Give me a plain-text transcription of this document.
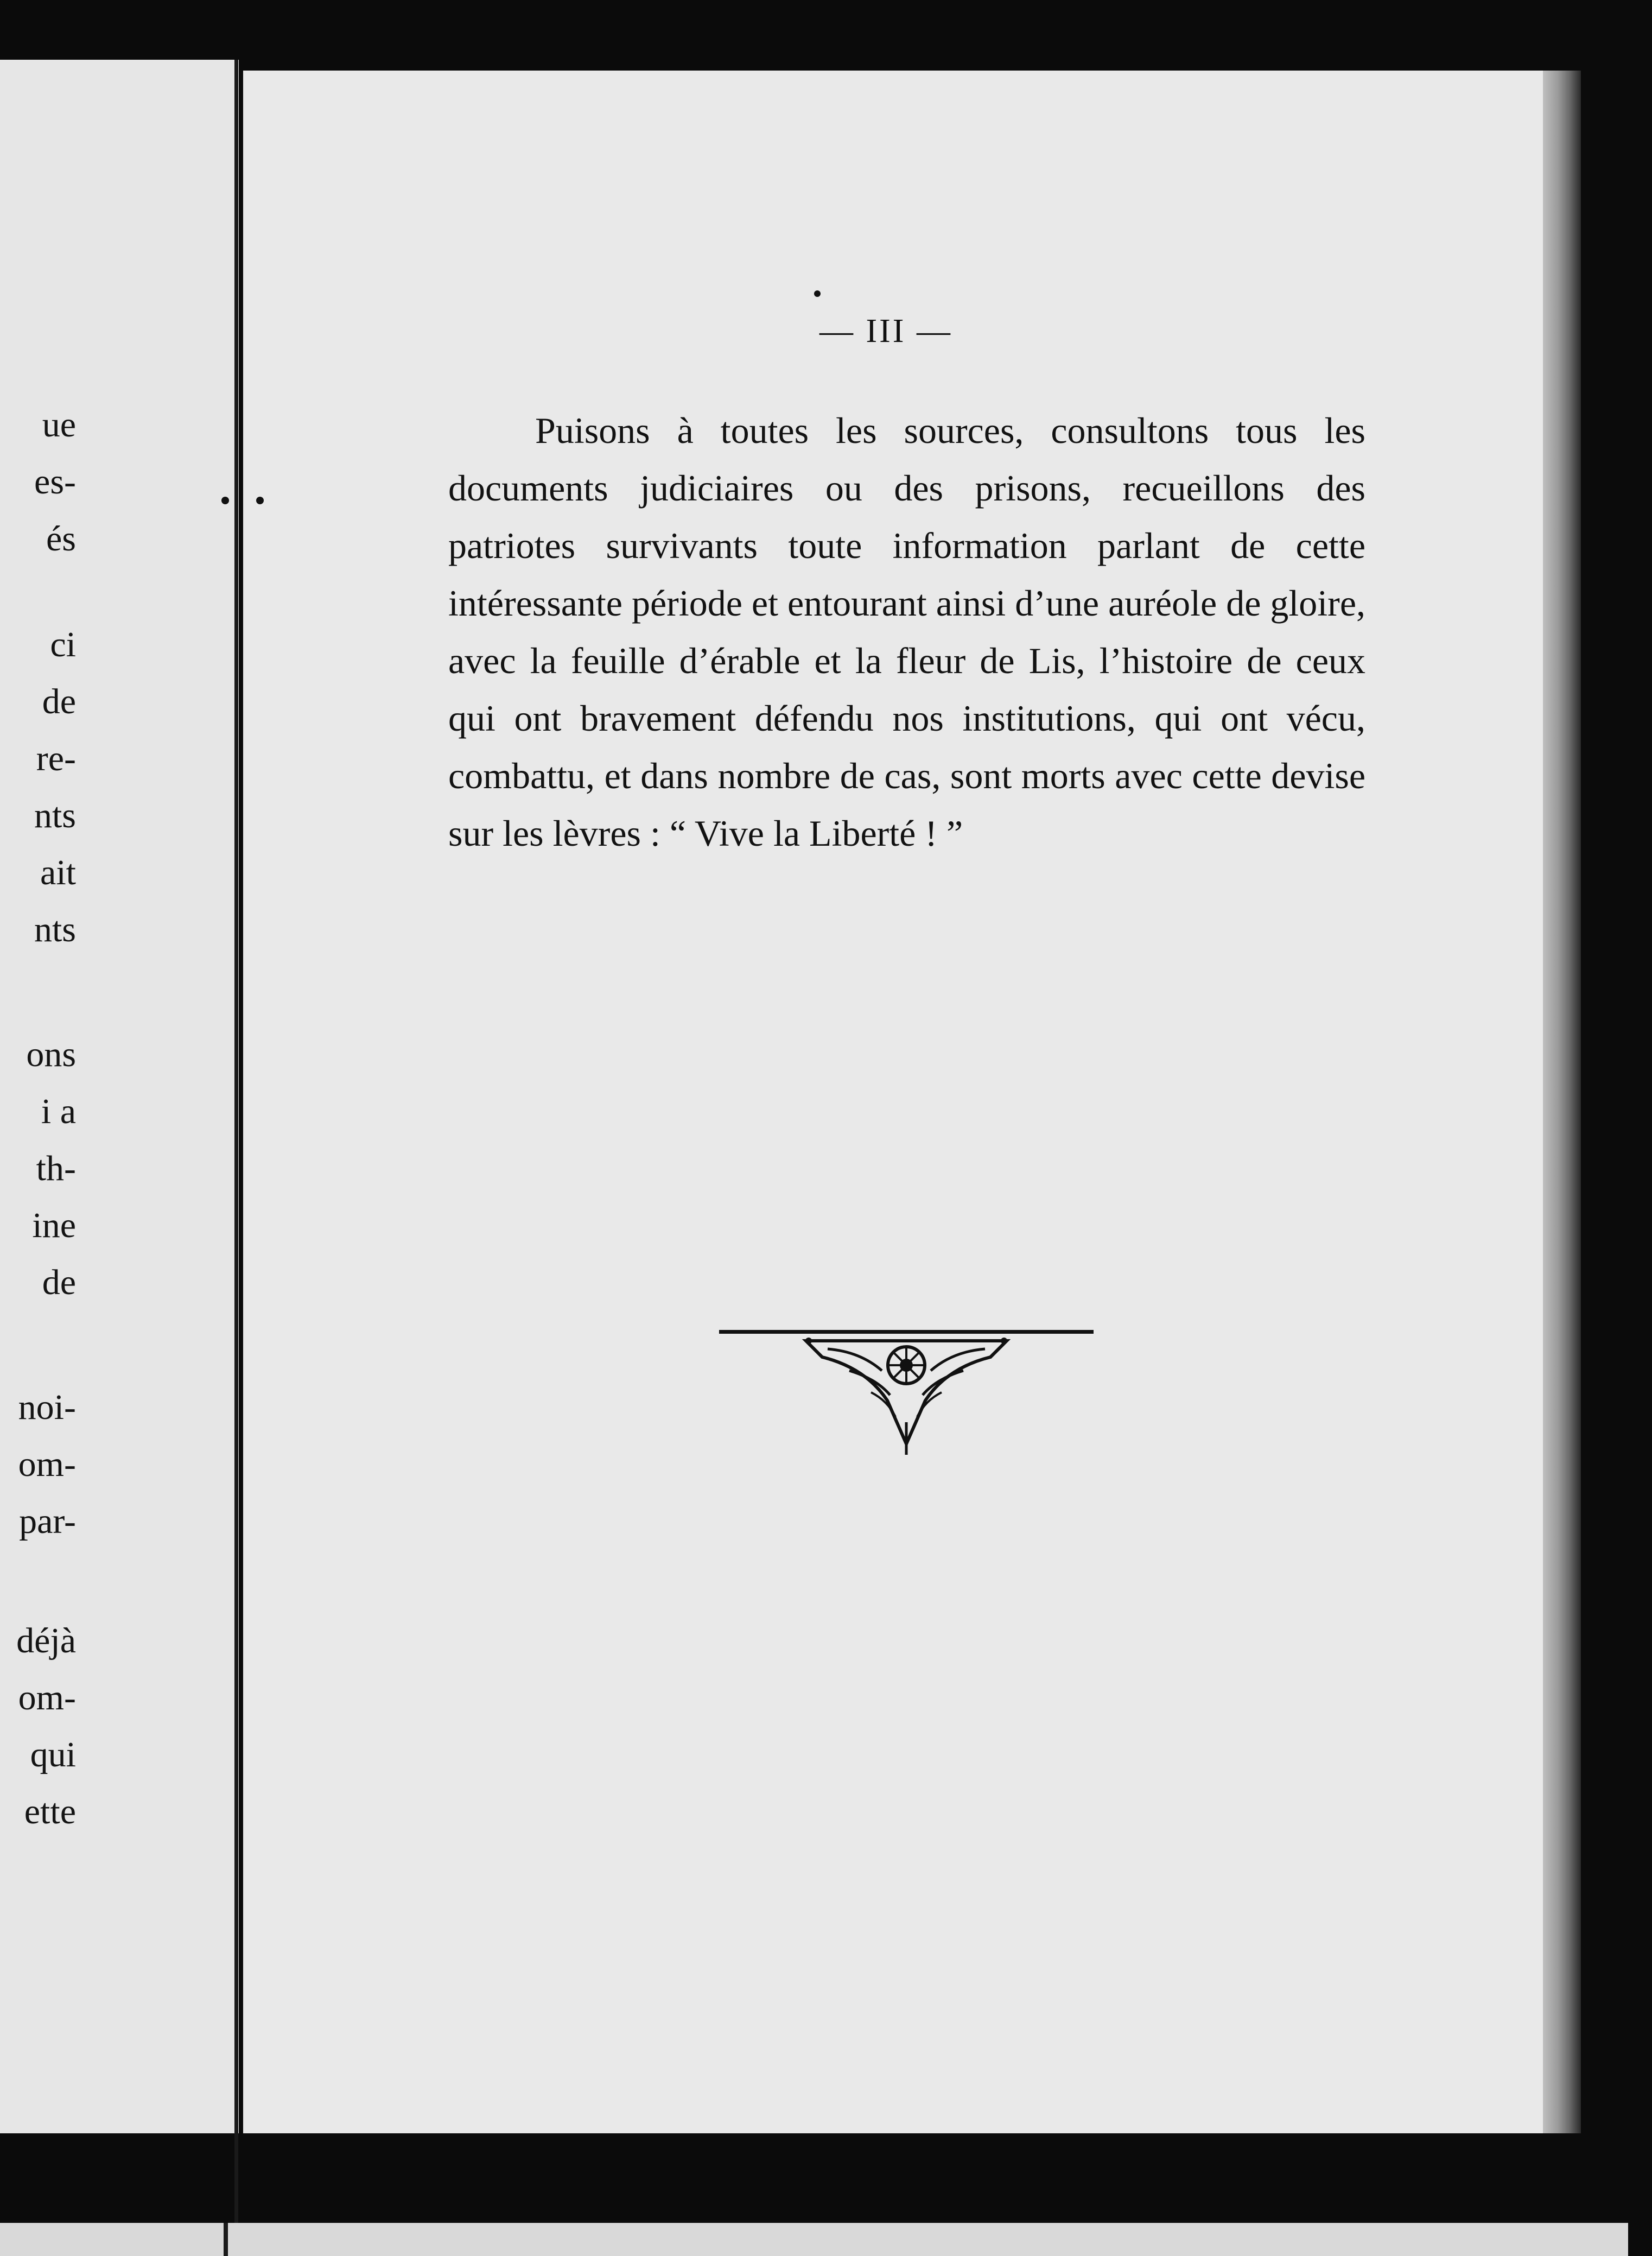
ue
es-
és
ci
de
re-
nts
ait
nts
ons
i a
th-
ine
de
noi-
om-
par-
déjà
om-
qui
ette
— III —

Puisons à toutes les sources, consultons tous les documents judiciaires ou des prisons, recueillons des patriotes survivants toute information parlant de cette intéressante période et entourant ainsi d’une auréole de gloire, avec la feuille d’érable et la fleur de Lis, l’histoire de ceux qui ont bravement défendu nos institutions, qui ont vécu, combattu, et dans nombre de cas, sont morts avec cette devise sur les lèvres : “ Vive la Liberté ! ”
